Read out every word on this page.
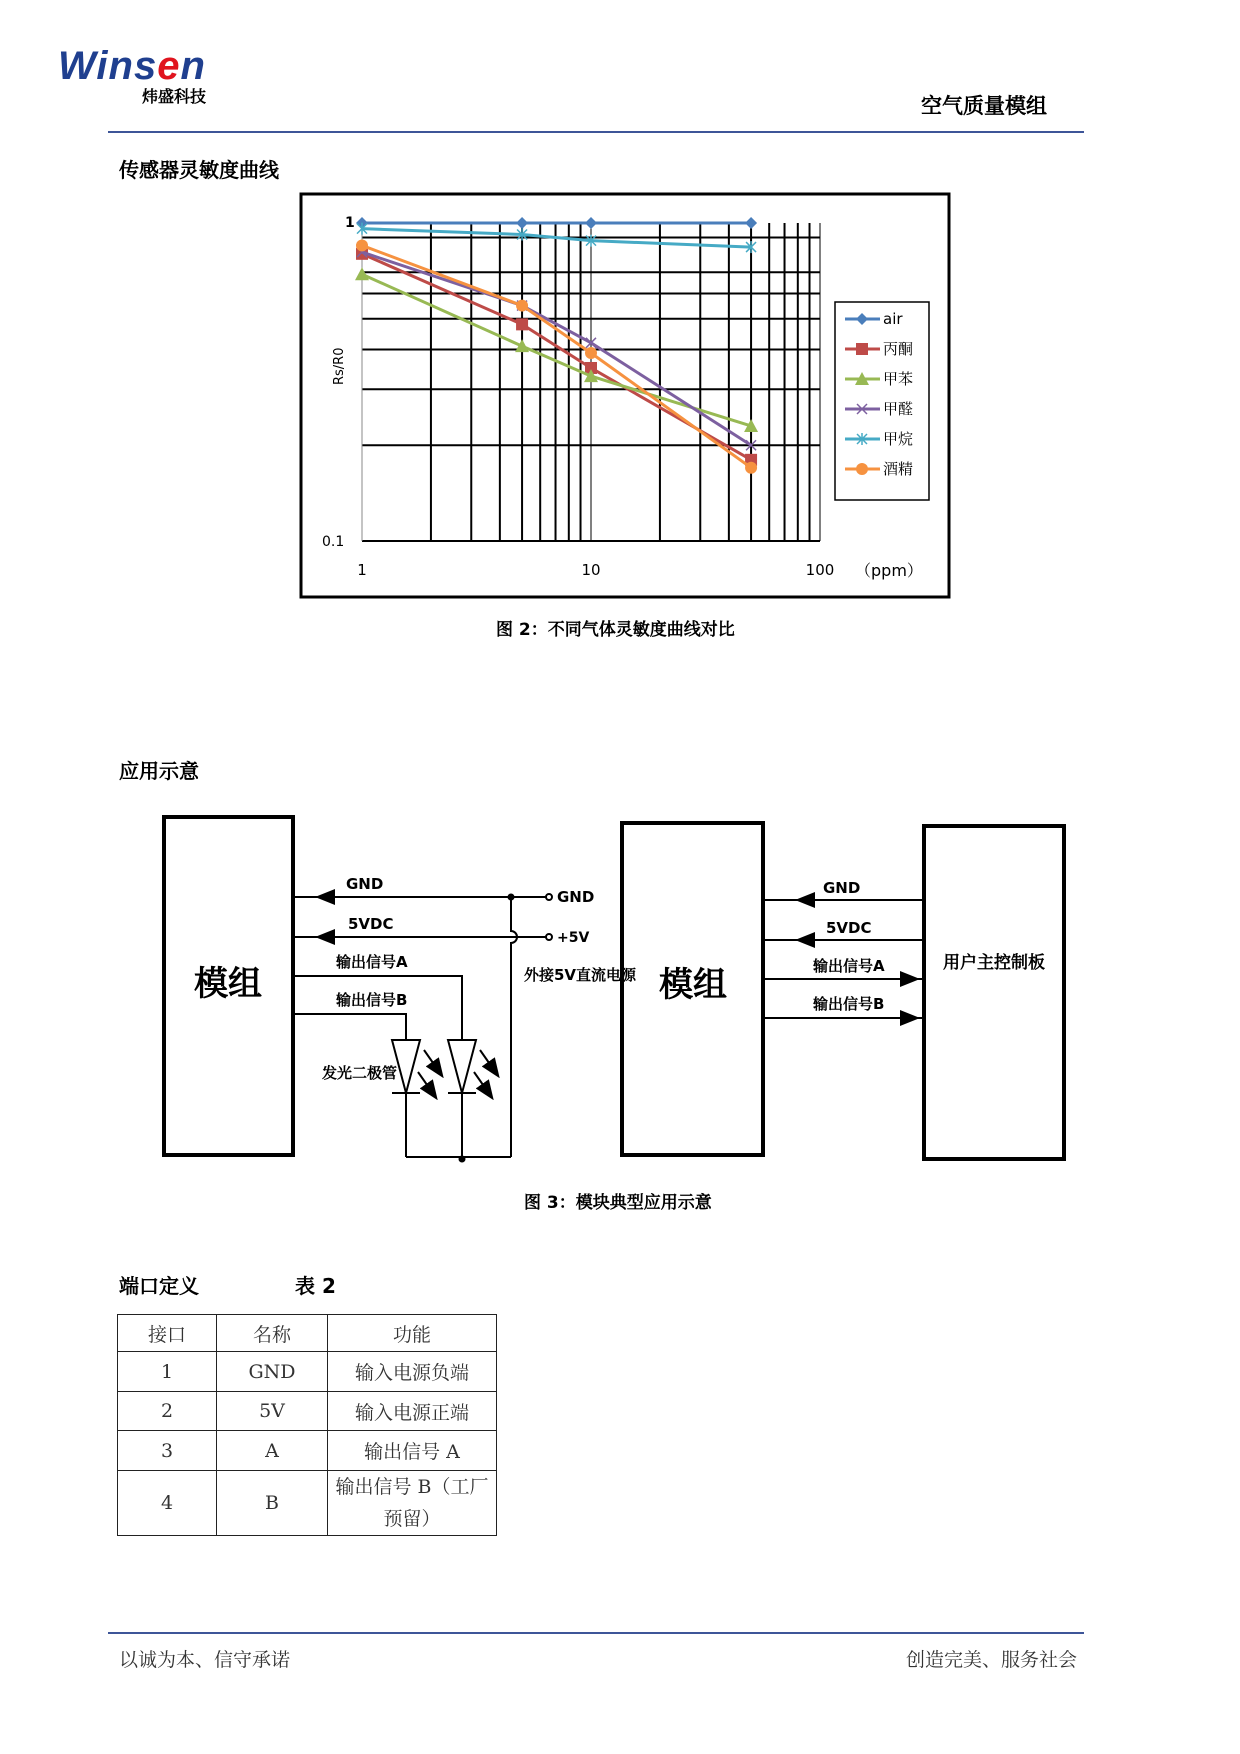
Winsen
炜盛科技	空气质量模组
传感器灵敏度曲线
1
0.1
1	10	100 （ppm）
Rs/R0
air
丙酮
甲苯
甲醛
甲烷
酒精
图 2：不同气体灵敏度曲线对比
应用示意
模组	模组
用户主控制板
GND
5VDC
输出信号A
输出信号B
GND
+5V
外接5V直流电源
发光二极管
GND
5VDC
输出信号A
输出信号B
图 3：模块典型应用示意
端口定义	表 2
接口	名称	功能
1	GND	输入电源负端
2	5V	输入电源正端
3	A	输出信号 A
4	B	输出信号 B（工厂预留）
以诚为本、信守承诺	创造完美、服务社会
